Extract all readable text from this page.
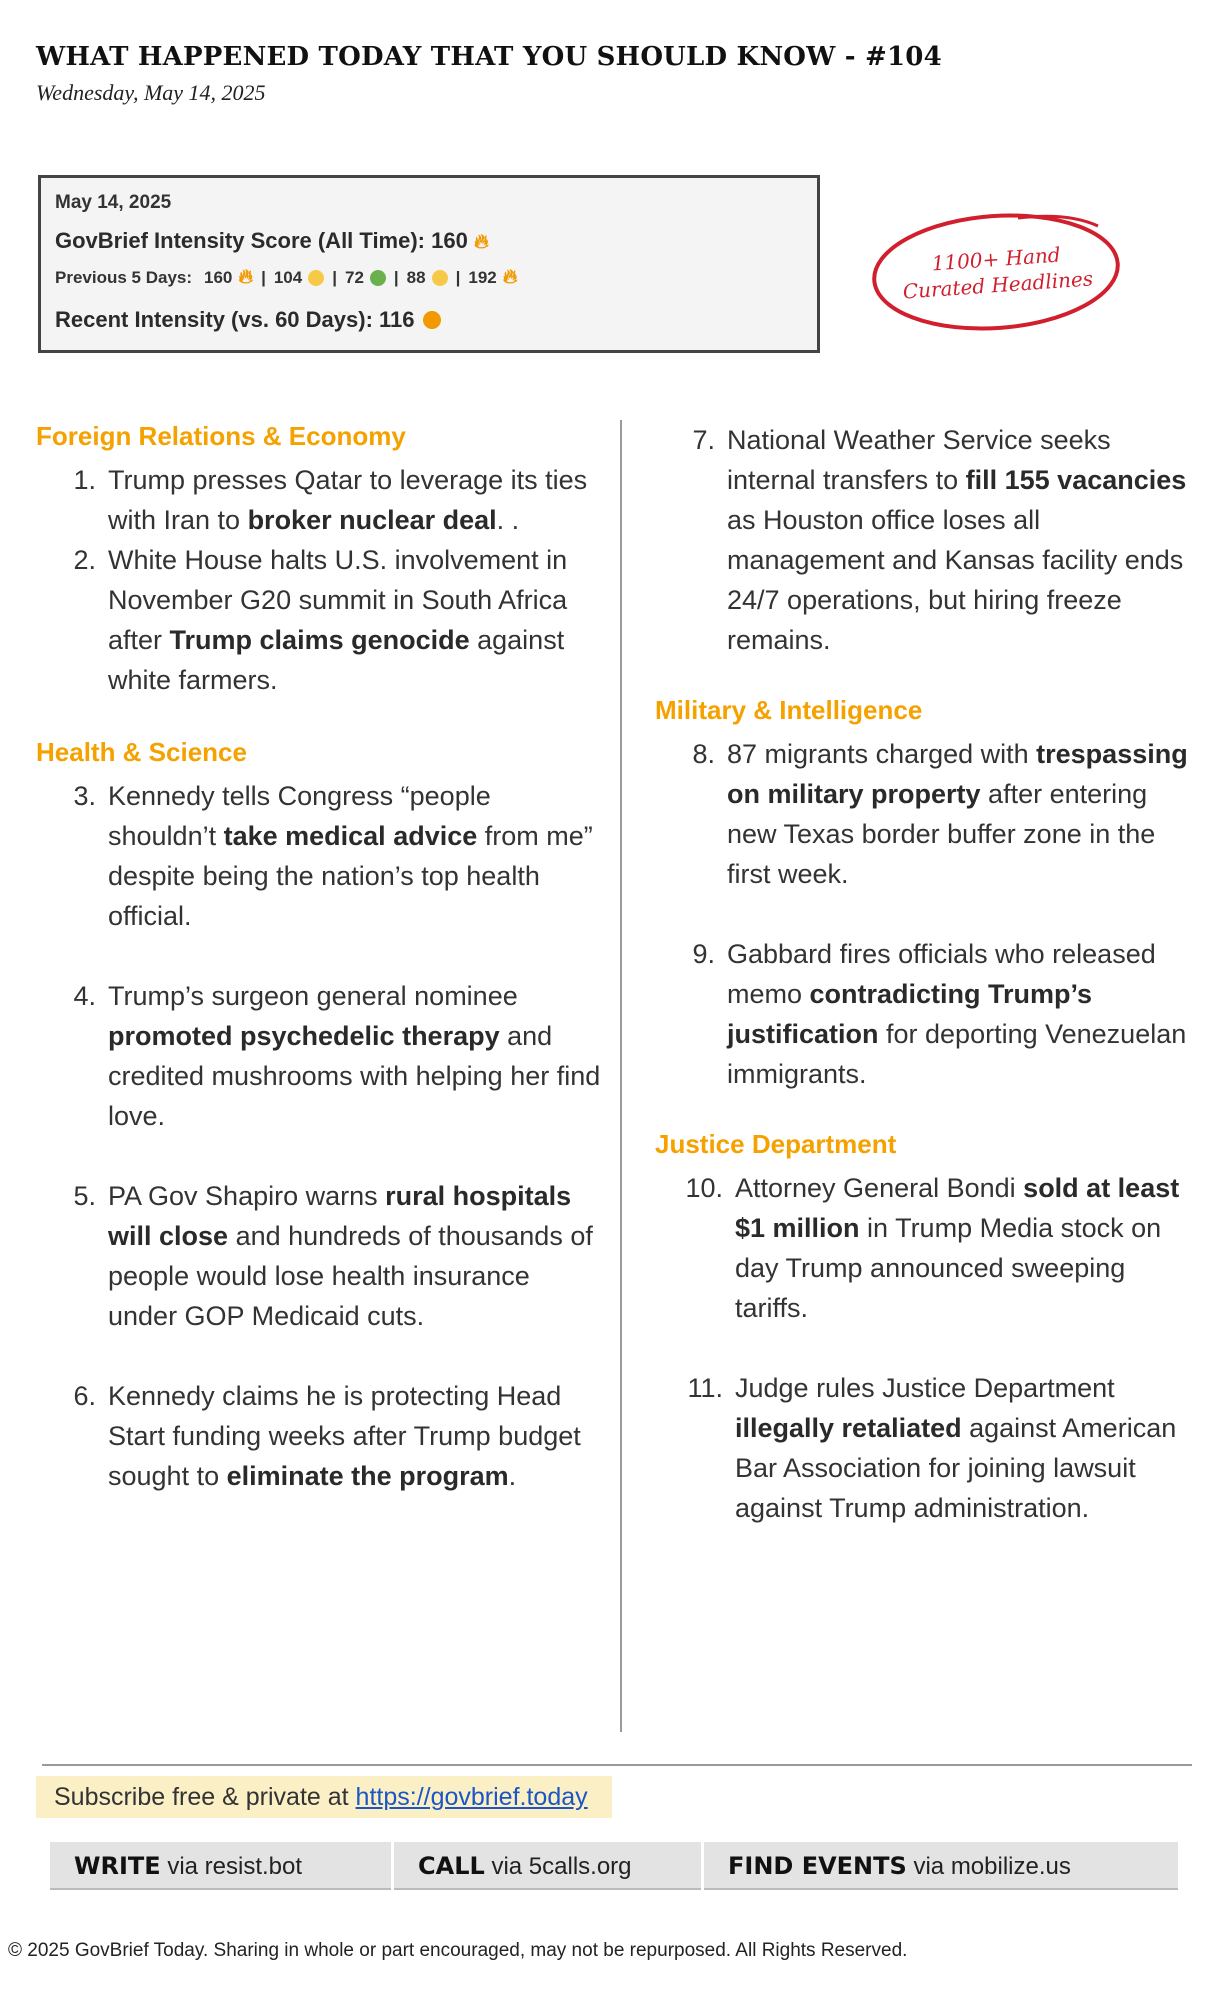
WHAT HAPPENED TODAY THAT YOU SHOULD KNOW - #104
Wednesday, May 14, 2025
May 14, 2025
GovBrief Intensity Score (All Time): 160 🔥︎
Previous 5 Days: 160 🔥︎ | 104 | 72 | 88 | 192 🔥︎
Recent Intensity (vs. 60 Days): 116
1100+ Hand
Curated Headlines
Foreign Relations & Economy
1. Trump presses Qatar to leverage its ties with Iran to broker nuclear deal. .
2. White House halts U.S. involvement in November G20 summit in South Africa after Trump claims genocide against white farmers.
Health & Science
3. Kennedy tells Congress “people shouldn’t take medical advice from me” despite being the nation’s top health official.
4. Trump’s surgeon general nominee promoted psychedelic therapy and credited mushrooms with helping her find love.
5. PA Gov Shapiro warns rural hospitals will close and hundreds of thousands of people would lose health insurance under GOP Medicaid cuts.
6. Kennedy claims he is protecting Head Start funding weeks after Trump budget sought to eliminate the program.
7. National Weather Service seeks internal transfers to fill 155 vacancies as Houston office loses all management and Kansas facility ends 24/7 operations, but hiring freeze remains.
Military & Intelligence
8. 87 migrants charged with trespassing on military property after entering new Texas border buffer zone in the first week.
9. Gabbard fires officials who released memo contradicting Trump’s justification for deporting Venezuelan immigrants.
Justice Department
10. Attorney General Bondi sold at least $1 million in Trump Media stock on day Trump announced sweeping tariffs.
11. Judge rules Justice Department illegally retaliated against American Bar Association for joining lawsuit against Trump administration.
Subscribe free & private at https://govbrief.today
WRITE via resist.bot	CALL via 5calls.org	FIND EVENTS via mobilize.us
© 2025 GovBrief Today. Sharing in whole or part encouraged, may not be repurposed. All Rights Reserved.
